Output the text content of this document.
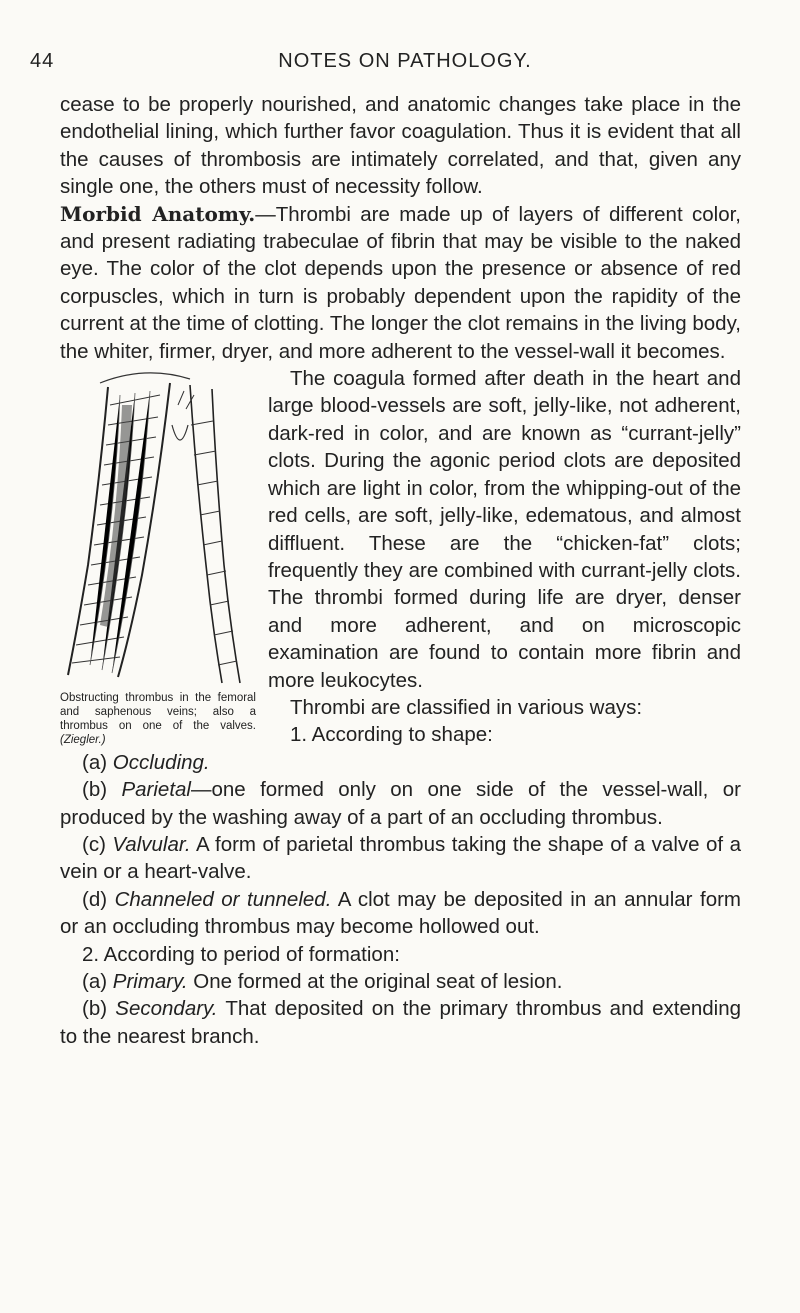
44	NOTES ON PATHOLOGY.

cease to be properly nourished, and anatomic changes take place in the endothelial lining, which further favor coagulation. Thus it is evident that all the causes of thrombosis are intimately correlated, and that, given any single one, the others must of necessity follow.

Morbid Anatomy.—Thrombi are made up of layers of different color, and present radiating trabeculae of fibrin that may be visible to the naked eye. The color of the clot depends upon the presence or absence of red corpuscles, which in turn is probably dependent upon the rapidity of the current at the time of clotting. The longer the clot remains in the living body, the whiter, firmer, dryer, and more adherent to the vessel-wall it becomes.

Obstructing thrombus in the femoral and saphenous veins; also a thrombus on one of the valves. (Ziegler.)

The coagula formed after death in the heart and large blood-vessels are soft, jelly-like, not adherent, dark-red in color, and are known as “currant-jelly” clots. During the agonic period clots are deposited which are light in color, from the whipping-out of the red cells, are soft, jelly-like, edematous, and almost diffluent. These are the “chicken-fat” clots; frequently they are combined with currant-jelly clots. The thrombi formed during life are dryer, denser and more adherent, and on microscopic examination are found to contain more fibrin and more leukocytes.

Thrombi are classified in various ways:

1. According to shape:

(a) Occluding.

(b) Parietal—one formed only on one side of the vessel-wall, or produced by the washing away of a part of an occluding thrombus.

(c) Valvular. A form of parietal thrombus taking the shape of a valve of a vein or a heart-valve.

(d) Channeled or tunneled. A clot may be deposited in an annular form or an occluding thrombus may become hollowed out.

2. According to period of formation:

(a) Primary. One formed at the original seat of lesion.

(b) Secondary. That deposited on the primary thrombus and extending to the nearest branch.
